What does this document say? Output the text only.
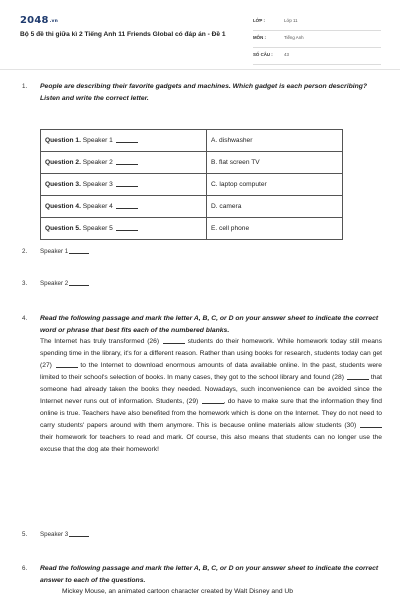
2048.vn
Bộ 5 đề thi giữa kì 2 Tiếng Anh 11 Friends Global có đáp án - Đề 1
LỚP :	Lớp 11
MÔN :	Tiếng Anh
SỐ CÂU :	43
1. People are describing their favorite gadgets and machines. Which gadget is each person describing? Listen and write the correct letter.
Question 1. Speaker 1	A. dishwasher
Question 2. Speaker 2	B. flat screen TV
Question 3. Speaker 3	C. laptop computer
Question 4. Speaker 4	D. camera
Question 5. Speaker 5	E. cell phone
2. Speaker 1
3. Speaker 2
4. Read the following passage and mark the letter A, B, C, or D on your answer sheet to indicate the correct word or phrase that best fits each of the numbered blanks.
The Internet has truly transformed (26)	students do their homework. While homework today still means spending time in the library, it's for a different reason. Rather than using books for research, students today can get (27)	to the Internet to download enormous amounts of data available online. In the past, students were limited to their school's selection of books. In many cases, they got to the school library and found (28)	that someone had already taken the books they needed. Nowadays, such inconvenience can be avoided since the Internet never runs out of information. Students, (29)	, do have to make sure that the information they find online is true. Teachers have also benefited from the homework which is done on the Internet. They do not need to carry students' papers around with them anymore. This is because online materials allow students (30)  their homework for teachers to read and mark. Of course, this also means that students can no longer use the excuse that the dog ate their homework!
5. Speaker 3
6. Read the following passage and mark the letter A, B, C, or D on your answer sheet to indicate the correct answer to each of the questions.
Mickey Mouse, an animated cartoon character created by Walt Disney and Ub
